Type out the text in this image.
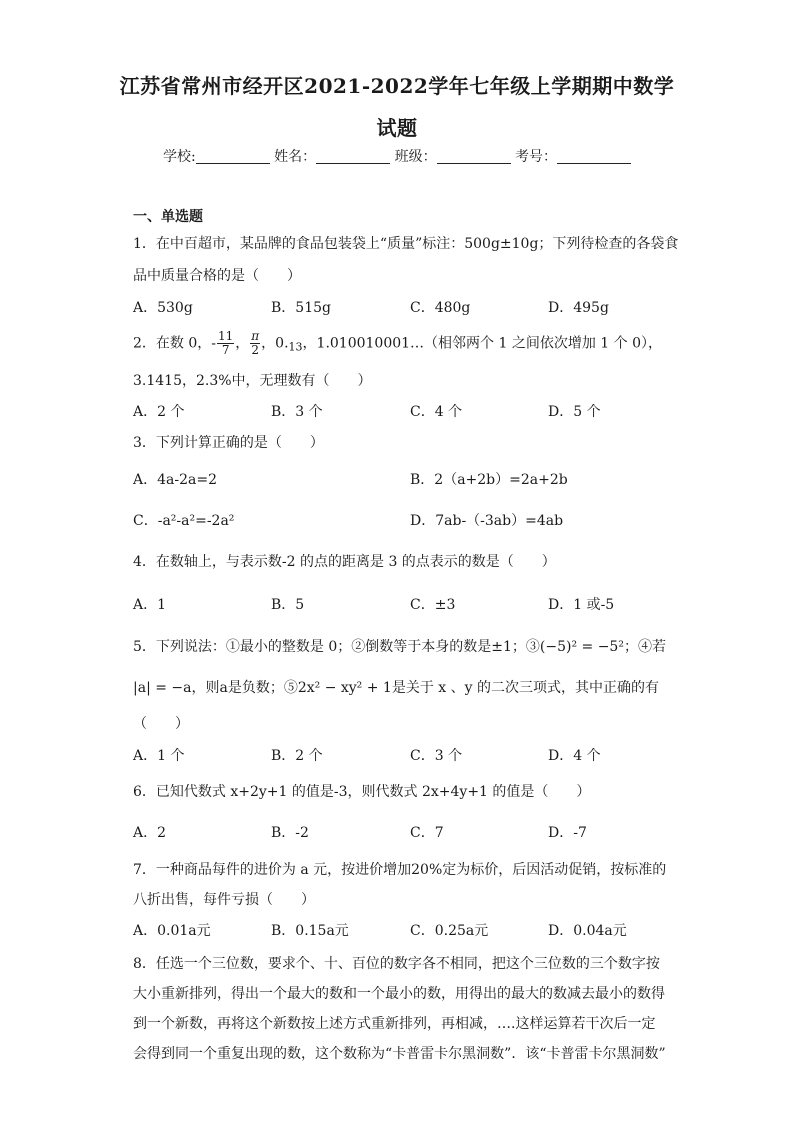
江苏省常州市经开区2021-2022学年七年级上学期期中数学
试题
学校:	姓名：	班级：	考号：
一、单选题
1．在中百超市，某品牌的食品包装袋上“质量”标注：500g±10g；下列待检查的各袋食
品中质量合格的是（　　）
A．530g	B．515g	C．480g	D．495g
2．在数 0，- $\frac{11}{7}$ ， $\frac{\pi}{2}$ ，$0._{13}$，1.010010001…（相邻两个 1 之间依次增加 1 个 0），
3.1415，2.3%中，无理数有（　　）
A．2 个	B．3 个	C．4 个	D．5 个
3．下列计算正确的是（　　）
A．4a-2a=2	B．2（a+2b）=2a+2b
C．-a²-a²=-2a²	D．7ab-（-3ab）=4ab
4．在数轴上，与表示数-2 的点的距离是 3 的点表示的数是（　　）
A．1	B．5	C．±3	D．1 或-5
5．下列说法：①最小的整数是 0；②倒数等于本身的数是±1；③(−5)² = −5²；④若
|a| = −a，则a是负数；⑤2x² − xy² + 1是关于 x 、y 的二次三项式，其中正确的有
（　　）
A．1 个	B．2 个	C．3 个	D．4 个
6．已知代数式 x+2y+1 的值是-3，则代数式 2x+4y+1 的值是（　　）
A．2	B．-2	C．7	D．-7
7．一种商品每件的进价为 a 元，按进价增加20%定为标价，后因活动促销，按标准的
八折出售，每件亏损（　　）
A．0.01a元	B．0.15a元	C．0.25a元	D．0.04a元
8．任选一个三位数，要求个、十、百位的数字各不相同，把这个三位数的三个数字按
大小重新排列，得出一个最大的数和一个最小的数，用得出的最大的数减去最小的数得
到一个新数，再将这个新数按上述方式重新排列，再相减，….这样运算若干次后一定
会得到同一个重复出现的数，这个数称为“卡普雷卡尔黑洞数”．该“卡普雷卡尔黑洞数”
